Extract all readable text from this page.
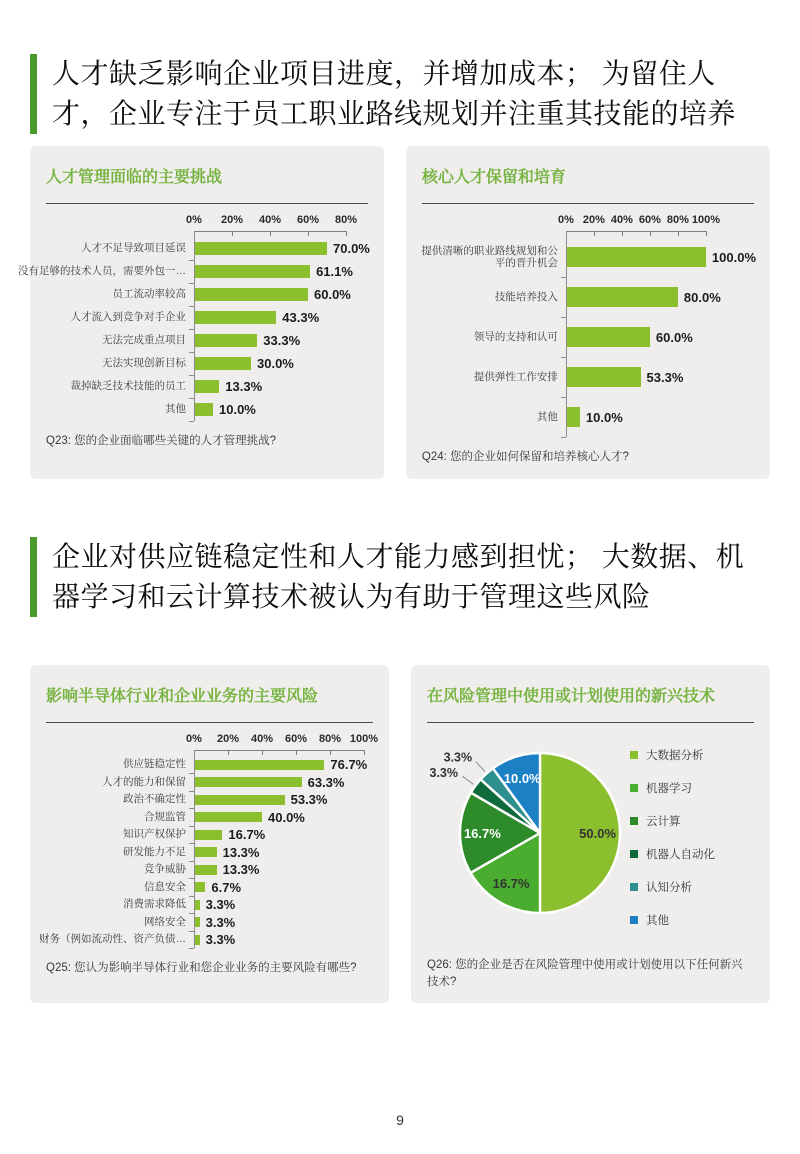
人才缺乏影响企业项目进度，并增加成本； 为留住人才，企业专注于员工职业路线规划并注重其技能的培养
人才管理面临的主要挑战
0% 20% 40% 60% 80%
人才不足导致项目延误	70.0%
没有足够的技术人员，需要外包一…	61.1%
员工流动率较高	60.0%
人才流入到竞争对手企业	43.3%
无法完成重点项目	33.3%
无法实现创新目标	30.0%
裁掉缺乏技术技能的员工	13.3%
其他	10.0%

Q23: 您的企业面临哪些关键的人才管理挑战?

核心人才保留和培育
0% 20% 40% 60% 80% 100%
提供清晰的职业路线规划和公平的晋升机会	100.0%
技能培养投入	80.0%
领导的支持和认可	60.0%
提供弹性工作安排	53.3%
其他 10.0%

Q24: 您的企业如何保留和培养核心人才?

企业对供应链稳定性和人才能力感到担忧； 大数据、机器学习和云计算技术被认为有助于管理这些风险
影响半导体行业和企业业务的主要风险
0% 20% 40% 60% 80% 100%
供应链稳定性	76.7%
人才的能力和保留	63.3%
政治不确定性	53.3%
合规监管	40.0%
知识产权保护	16.7%
研发能力不足	13.3%
竞争威胁	13.3%
信息安全 6.7%
消费需求降低 3.3%
网络安全 3.3%
财务（例如流动性、资产负债… 3.3%

Q25: 您认为影响半导体行业和您企业业务的主要风险有哪些?

在风险管理中使用或计划使用的新兴技术
50.0%
16.7%
16.7%
3.3%
3.3%
10.0%
大数据分析
机器学习
云计算
机器人自动化
认知分析
其他

Q26: 您的企业是否在风险管理中使用或计划使用以下任何新兴技术?

9
